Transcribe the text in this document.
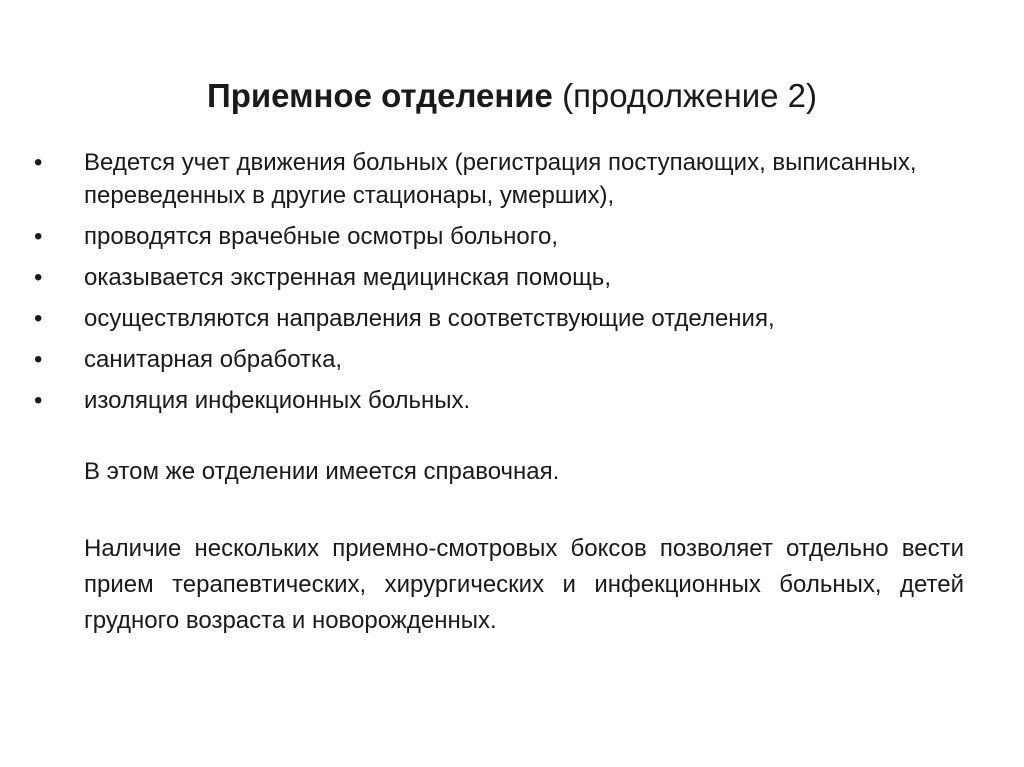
Приемное отделение (продолжение 2)
•	Ведется учет движения больных (регистрация поступающих, выписанных, переведенных в другие стационары, умерших),
•	проводятся врачебные осмотры больного,
•	оказывается экстренная медицинская помощь,
•	осуществляются направления в соответствующие отделения,
•	санитарная обработка,
•	изоляция инфекционных больных.

В этом же отделении имеется справочная.

Наличие нескольких приемно-смотровых боксов позволяет отдельно вести прием терапевтических, хирургических и инфекционных больных, детей грудного возраста и новорожденных.
